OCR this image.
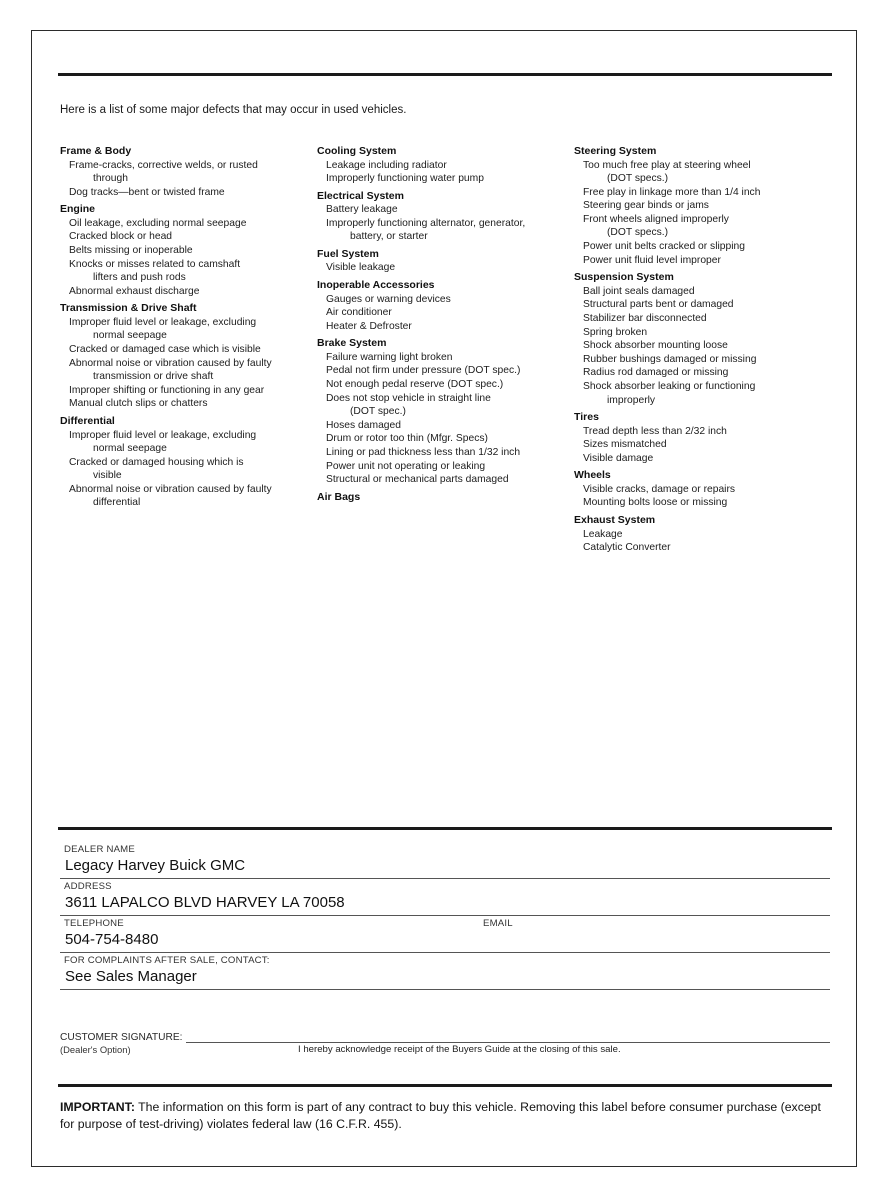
Here is a list of some major defects that may occur in used vehicles.
Frame & Body
Frame-cracks, corrective welds, or rusted
through
Dog tracks—bent or twisted frame
Engine
Oil leakage, excluding normal seepage
Cracked block or head
Belts missing or inoperable
Knocks or misses related to camshaft
lifters and push rods
Abnormal exhaust discharge
Transmission & Drive Shaft
Improper fluid level or leakage, excluding
normal seepage
Cracked or damaged case which is visible
Abnormal noise or vibration caused by faulty
transmission or drive shaft
Improper shifting or functioning in any gear
Manual clutch slips or chatters
Differential
Improper fluid level or leakage, excluding
normal seepage
Cracked or damaged housing which is
visible
Abnormal noise or vibration caused by faulty
differential
Cooling System
Leakage including radiator
Improperly functioning water pump
Electrical System
Battery leakage
Improperly functioning alternator, generator,
battery, or starter
Fuel System
Visible leakage
Inoperable Accessories
Gauges or warning devices
Air conditioner
Heater & Defroster
Brake System
Failure warning light broken
Pedal not firm under pressure (DOT spec.)
Not enough pedal reserve (DOT spec.)
Does not stop vehicle in straight line
(DOT spec.)
Hoses damaged
Drum or rotor too thin (Mfgr. Specs)
Lining or pad thickness less than 1/32 inch
Power unit not operating or leaking
Structural or mechanical parts damaged
Air Bags
Steering System
Too much free play at steering wheel
(DOT specs.)
Free play in linkage more than 1/4 inch
Steering gear binds or jams
Front wheels aligned improperly
(DOT specs.)
Power unit belts cracked or slipping
Power unit fluid level improper
Suspension System
Ball joint seals damaged
Structural parts bent or damaged
Stabilizer bar disconnected
Spring broken
Shock absorber mounting loose
Rubber bushings damaged or missing
Radius rod damaged or missing
Shock absorber leaking or functioning
improperly
Tires
Tread depth less than 2/32 inch
Sizes mismatched
Visible damage
Wheels
Visible cracks, damage or repairs
Mounting bolts loose or missing
Exhaust System
Leakage
Catalytic Converter
DEALER NAME
Legacy Harvey Buick GMC
ADDRESS
3611 LAPALCO BLVD HARVEY LA 70058
TELEPHONE
504-754-8480
EMAIL

FOR COMPLAINTS AFTER SALE, CONTACT:
See Sales Manager
CUSTOMER SIGNATURE:
(Dealer's Option)	I hereby acknowledge receipt of the Buyers Guide at the closing of this sale.
IMPORTANT: The information on this form is part of any contract to buy this vehicle. Removing this label before consumer purchase (except for purpose of test-driving) violates federal law (16 C.F.R. 455).
